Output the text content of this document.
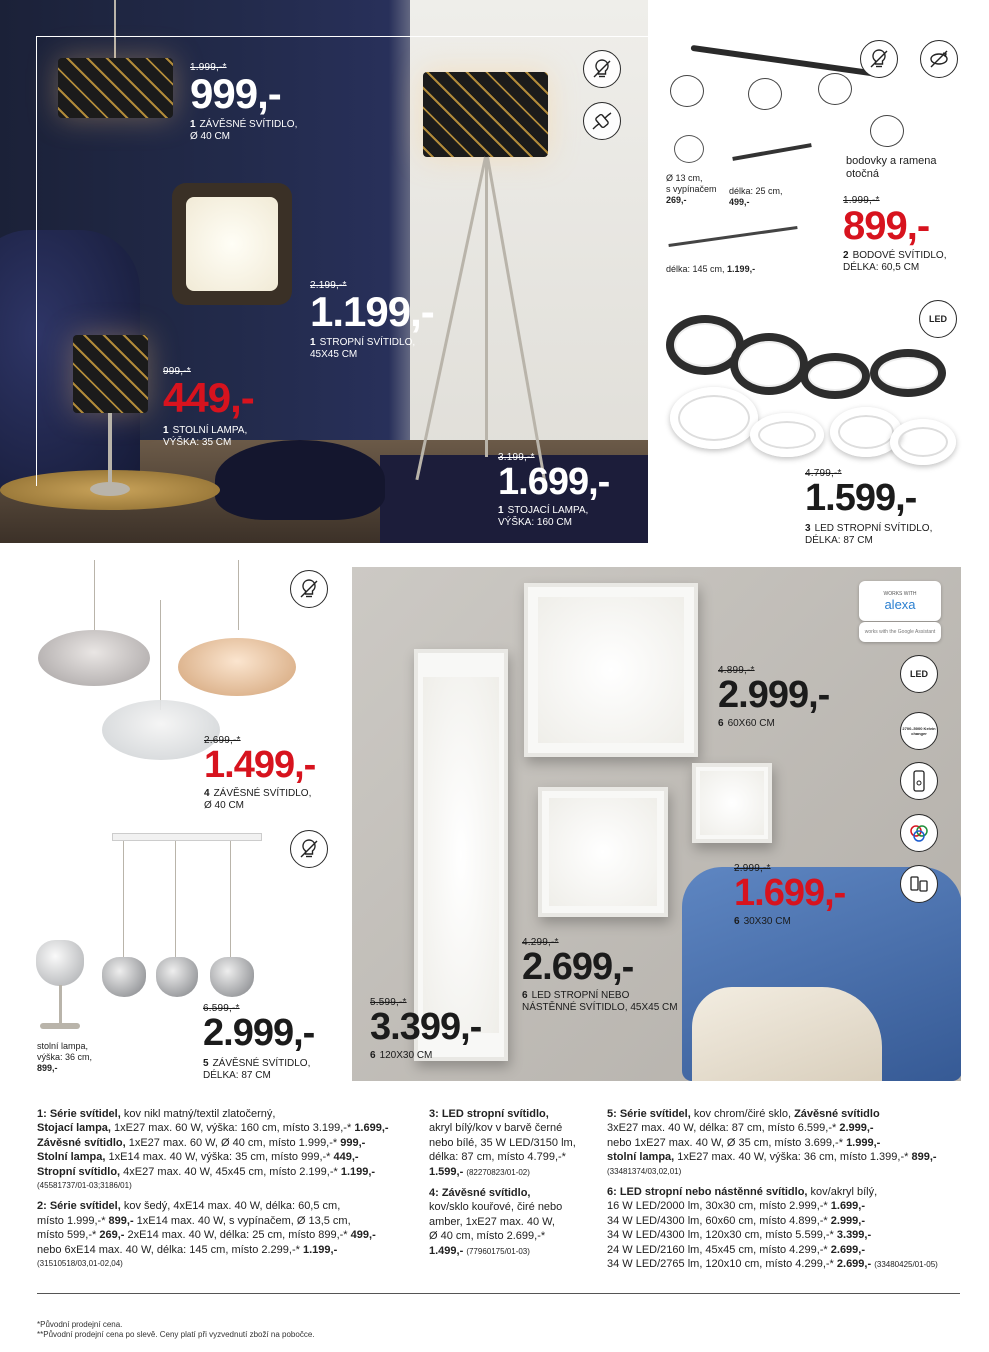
1.999,-*
999,-
1 ZÁVĚSNÉ SVÍTIDLO,
Ø 40 CM
2.199,-*
1.199,-
1 STROPNÍ SVÍTIDLO,
45X45 CM
999,-*
449,-
1 STOLNÍ LAMPA,
VÝŠKA: 35 CM
3.199,-*
1.699,-
1 STOJACÍ LAMPA,
VÝŠKA: 160 CM
Ø 13 cm,
s vypínačem
269,-
délka: 25 cm,
499,-
délka: 145 cm, 1.199,-
bodovky a ramena
otočná
1.999,-*
899,-
2 BODOVÉ SVÍTIDLO,
DÉLKA: 60,5 CM
LED
4.799,-*
1.599,-
3 LED STROPNÍ SVÍTIDLO,
DÉLKA: 87 CM
2.699,-*
1.499,-
4 ZÁVĚSNÉ SVÍTIDLO,
Ø 40 CM
stolní lampa,
výška: 36 cm,
899,-
6.599,-*
2.999,-
5 ZÁVĚSNÉ SVÍTIDLO,
DÉLKA: 87 CM
WORKS WITH
alexa
works with the Google Assistant
LED
2700–5000 Kelvin changer
4.899,-*
2.999,-
6 60X60 CM
2.999,-*
1.699,-
6 30X30 CM
4.299,-*
2.699,-
6 LED STROPNÍ NEBO
NÁSTĚNNÉ SVÍTIDLO, 45X45 CM
5.599,-*
3.399,-
6 120X30 CM
1: Série svítidel, kov nikl matný/textil zlatočerný,
Stojací lampa, 1xE27 max. 60 W, výška: 160 cm, místo 3.199,-* 1.699,-
Závěsné svítidlo, 1xE27 max. 60 W, Ø 40 cm, místo 1.999,-* 999,-
Stolní lampa, 1xE14 max. 40 W, výška: 35 cm, místo 999,-* 449,-
Stropní svítidlo, 4xE27 max. 40 W, 45x45 cm, místo 2.199,-* 1.199,-
(45581737/01-03;3186/01)
2: Série svítidel, kov šedý, 4xE14 max. 40 W, délka: 60,5 cm,
místo 1.999,-* 899,- 1xE14 max. 40 W, s vypínačem, Ø 13,5 cm,
místo 599,-* 269,- 2xE14 max. 40 W, délka: 25 cm, místo 899,-* 499,-
nebo 6xE14 max. 40 W, délka: 145 cm, místo 2.299,-* 1.199,-
(31510518/03,01-02,04)
3: LED stropní svítidlo,
akryl bílý/kov v barvě černé
nebo bílé, 35 W LED/3150 lm,
délka: 87 cm, místo 4.799,-*
1.599,- (82270823/01-02)
4: Závěsné svítidlo,
kov/sklo kouřové, čiré nebo
amber, 1xE27 max. 40 W,
Ø 40 cm, místo 2.699,-*
1.499,- (77960175/01-03)
5: Série svítidel, kov chrom/čiré sklo, Závěsné svítidlo
3xE27 max. 40 W, délka: 87 cm, místo 6.599,-* 2.999,-
nebo 1xE27 max. 40 W, Ø 35 cm, místo 3.699,-* 1.999,-
stolní lampa, 1xE27 max. 40 W, výška: 36 cm, místo 1.399,-* 899,-
(33481374/03,02,01)
6: LED stropní nebo nástěnné svítidlo, kov/akryl bílý,
16 W LED/2000 lm, 30x30 cm, místo 2.999,-* 1.699,-
34 W LED/4300 lm, 60x60 cm, místo 4.899,-* 2.999,-
34 W LED/4300 lm, 120x30 cm, místo 5.599,-* 3.399,-
24 W LED/2160 lm, 45x45 cm, místo 4.299,-* 2.699,-
34 W LED/2765 lm, 120x10 cm, místo 4.299,-* 2.699,- (33480425/01-05)
*Původní prodejní cena.
**Původní prodejní cena po slevě. Ceny platí při vyzvednutí zboží na pobočce.
